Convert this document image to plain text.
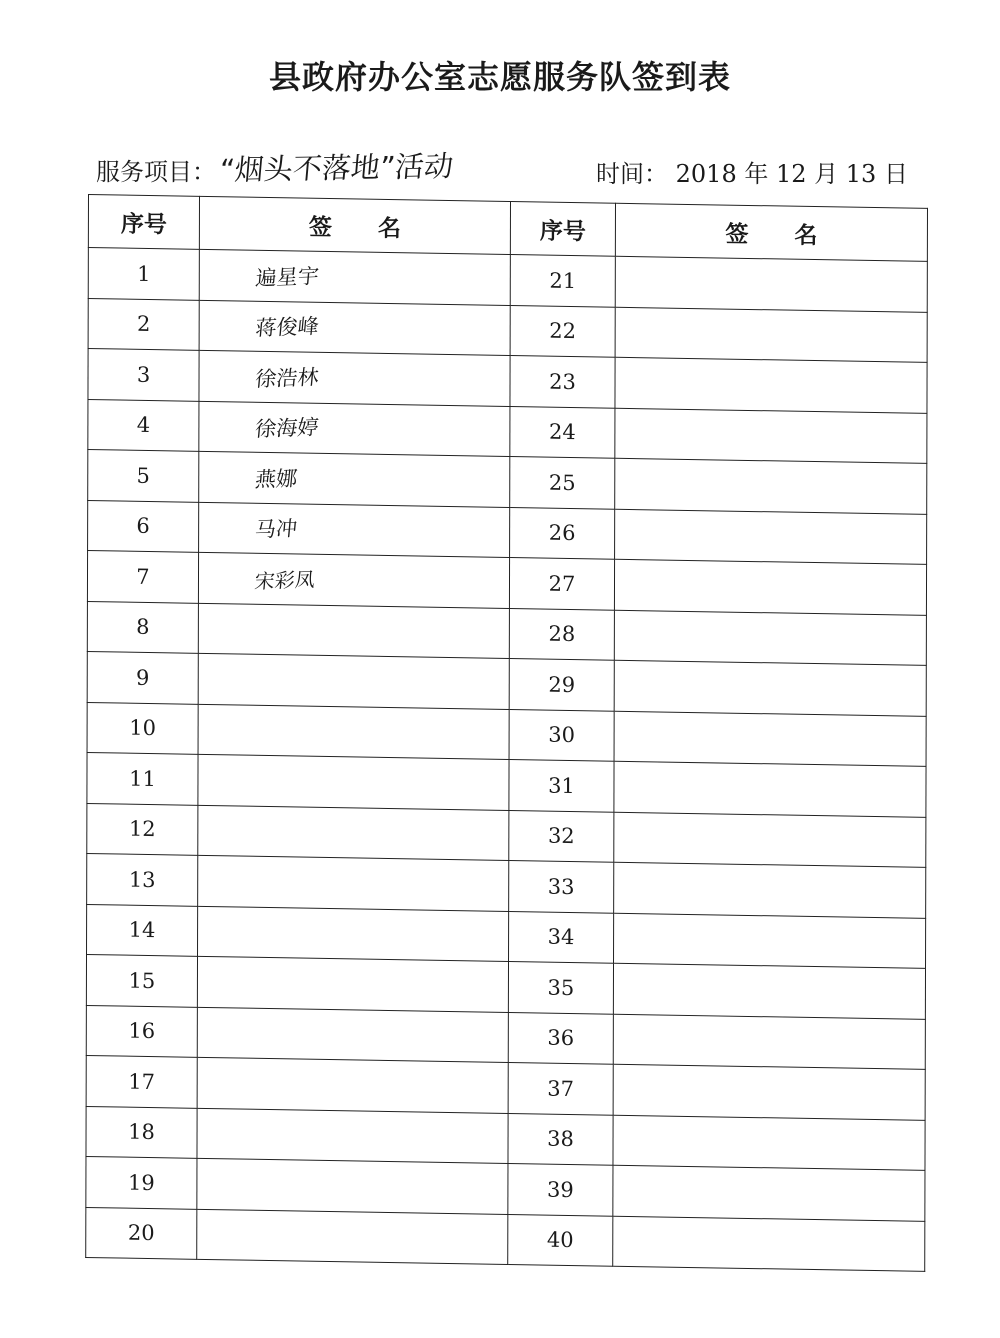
县政府办公室志愿服务队签到表
服务项目： “烟头不落地”活动	时间： 2018 年 12 月 13 日
序号	签　　名	序号	签　　名
1	遍星宇	21	
2	蒋俊峰	22	
3	徐浩林	23	
4	徐海婷	24	
5	燕娜	25	
6	马冲	26	
7	宋彩凤	27	
8		28	
9		29	
10		30	
11		31	
12		32	
13		33	
14		34	
15		35	
16		36	
17		37	
18		38	
19		39	
20		40	
